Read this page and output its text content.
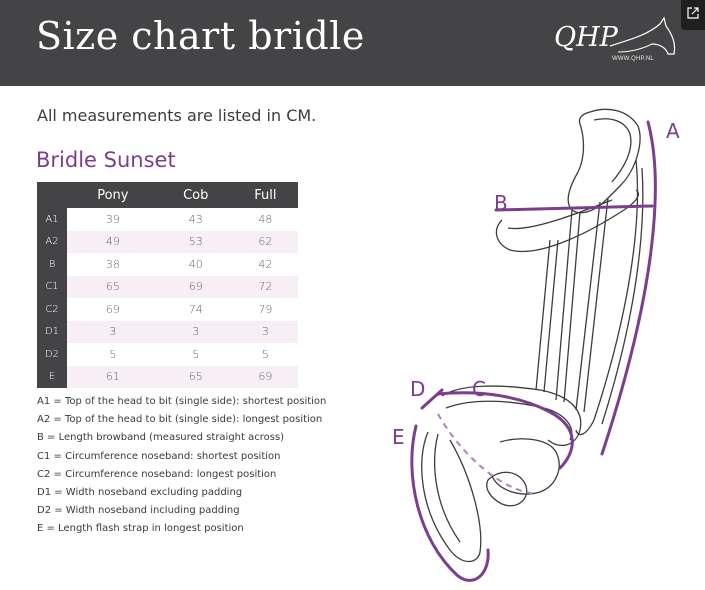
Size chart bridle	QHP
WWW.QHP.NL
All measurements are listed in CM.
Bridle Sunset
	Pony	Cob	Full
A1	39	43	48
A2	49	53	62
B	38	40	42
C1	65	69	72
C2	69	74	79
D1	3	3	3
D2	5	5	5
E	61	65	69
A1 = Top of the head to bit (single side): shortest position
A2 = Top of the head to bit (single side): longest position
B = Length browband (measured straight across)
C1 = Circumference noseband: shortest position
C2 = Circumference noseband: longest position
D1 = Width noseband excluding padding
D2 = Width noseband including padding
E = Length flash strap in longest position
A
B
C
D
E
